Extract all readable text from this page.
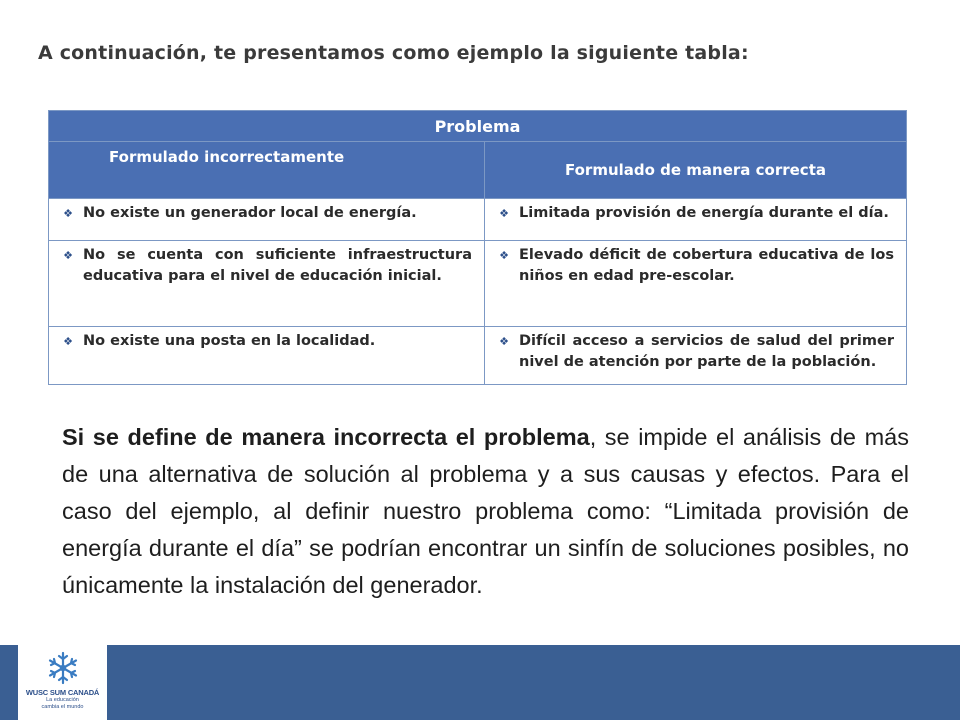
A continuación, te presentamos como ejemplo la siguiente tabla:
Problema	
Formulado incorrectamente	Formulado de manera correcta

❖ No existe un generador local de energía.	❖ Limitada provisión de energía durante el día.

❖ No se cuenta con suficiente infraestructura educativa para el nivel de educación inicial.	❖ Elevado déficit de cobertura educativa de los niños en edad pre-escolar.

❖ No existe una posta en la localidad.	❖ Difícil acceso a servicios de salud del primer nivel de atención por parte de la población.

Si se define de manera incorrecta el problema, se impide el análisis de más de una alternativa de solución al problema y a sus causas y efectos. Para el caso del ejemplo, al definir nuestro problema como: “Limitada provisión de energía durante el día” se podrían encontrar un sinfín de soluciones posibles, no únicamente la instalación del generador.

WUSC SUM CANADÁ
La educación
cambia el mundo
